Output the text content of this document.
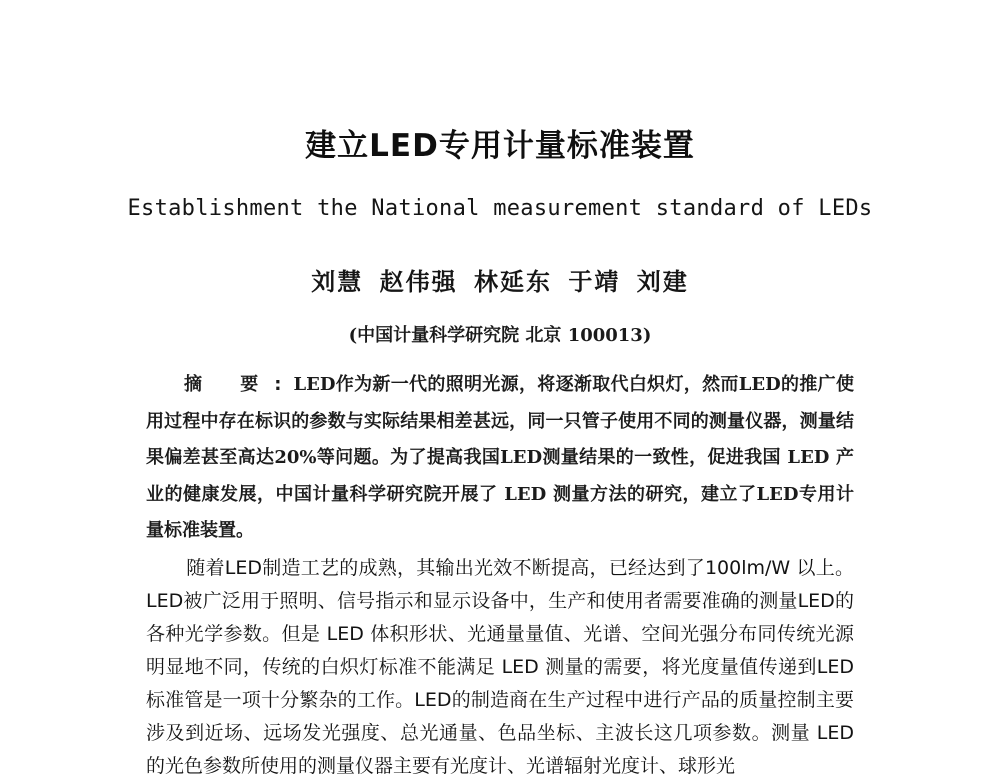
建立LED专用计量标准装置
Establishment the National measurement standard of LEDs
刘慧 赵伟强 林延东 于靖 刘建
(中国计量科学研究院 北京 100013)
摘 要:LED作为新一代的照明光源，将逐渐取代白炽灯，然而LED的推广使用过程中存在标识的参数与实际结果相差甚远，同一只管子使用不同的测量仪器，测量结果偏差甚至高达20%等问题。为了提高我国LED测量结果的一致性，促进我国 LED 产业的健康发展，中国计量科学研究院开展了 LED 测量方法的研究，建立了LED专用计量标准装置。
随着LED制造工艺的成熟，其输出光效不断提高，已经达到了100lm/W 以上。LED被广泛用于照明、信号指示和显示设备中，生产和使用者需要准确的测量LED的各种光学参数。但是 LED 体积形状、光通量量值、光谱、空间光强分布同传统光源明显地不同，传统的白炽灯标准不能满足 LED 测量的需要，将光度量值传递到LED标准管是一项十分繁杂的工作。LED的制造商在生产过程中进行产品的质量控制主要涉及到近场、远场发光强度、总光通量、色品坐标、主波长这几项参数。测量 LED 的光色参数所使用的测量仪器主要有光度计、光谱辐射光度计、球形光
